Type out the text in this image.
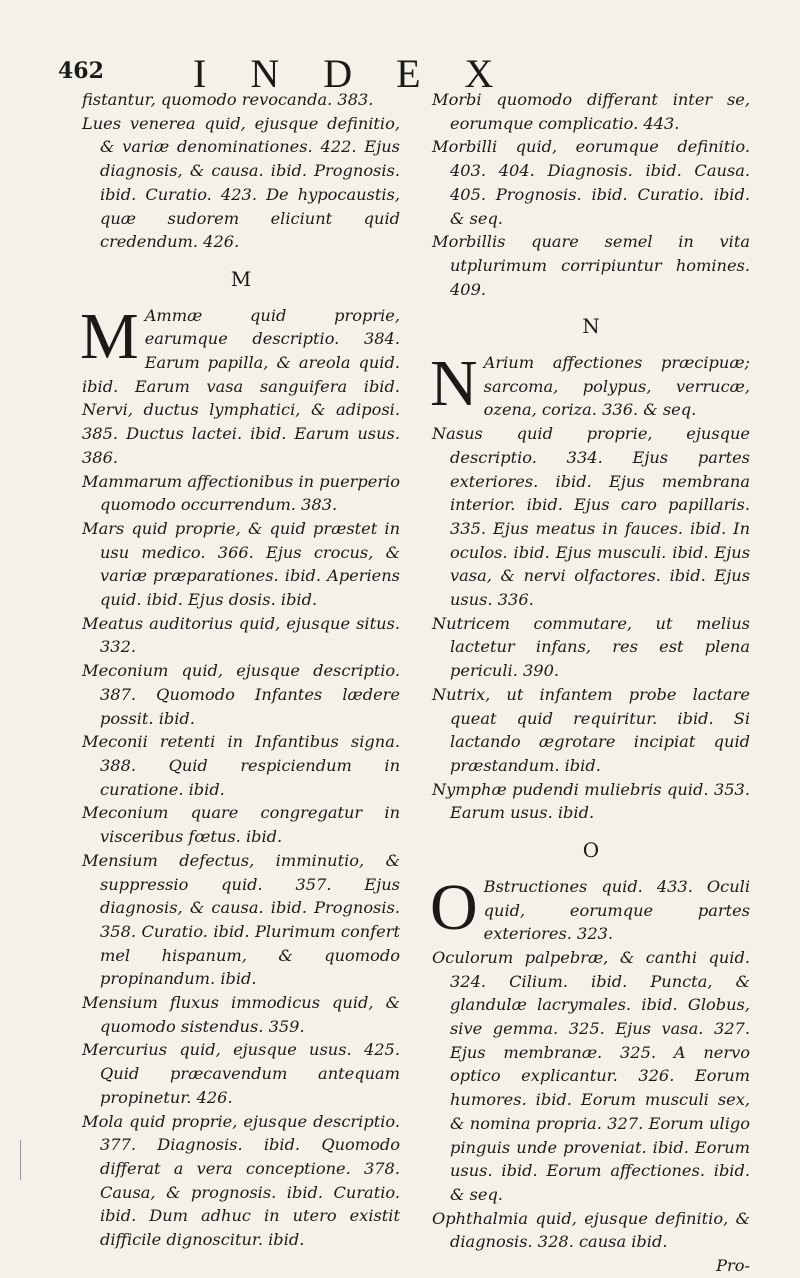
462 INDEX

fistantur, quomodo revocanda. 383.

Lues venerea quid, ejusque definitio, & variæ denominationes. 422. Ejus diagnosis, & causa. ibid. Prognosis. ibid. Curatio. 423. De hypocaustis, quæ sudorem eliciunt quid credendum. 426.

M
M Ammæ quid proprie, earumque descriptio. 384. Earum papilla, & areola quid. ibid. Earum vasa sanguifera ibid. Nervi, ductus lymphatici, & adiposi. 385. Ductus lactei. ibid. Earum usus. 386.

Mammarum affectionibus in puerperio quomodo occurrendum. 383.

Mars quid proprie, & quid præstet in usu medico. 366. Ejus crocus, & variæ præparationes. ibid. Aperiens quid. ibid. Ejus dosis. ibid.

Meatus auditorius quid, ejusque situs. 332.

Meconium quid, ejusque descriptio. 387. Quomodo Infantes lædere possit. ibid.

Meconii retenti in Infantibus signa. 388. Quid respiciendum in curatione. ibid.

Meconium quare congregatur in visceribus fœtus. ibid.

Mensium defectus, imminutio, & suppressio quid. 357. Ejus diagnosis, & causa. ibid. Prognosis. 358. Curatio. ibid. Plurimum confert mel hispanum, & quomodo propinandum. ibid.

Mensium fluxus immodicus quid, & quomodo sistendus. 359.

Mercurius quid, ejusque usus. 425. Quid præcavendum antequam propinetur. 426.

Mola quid proprie, ejusque descriptio. 377. Diagnosis. ibid. Quomodo differat a vera conceptione. 378. Causa, & prognosis. ibid. Curatio. ibid. Dum adhuc in utero existit difficile dignoscitur. ibid.

Morbi quomodo differant inter se, eorumque complicatio. 443.

Morbilli quid, eorumque definitio. 403. 404. Diagnosis. ibid. Causa. 405. Prognosis. ibid. Curatio. ibid. & seq.

Morbillis quare semel in vita utplurimum corripiuntur homines. 409.

N
N Arium affectiones præcipuæ; sarcoma, polypus, verrucæ, ozena, coriza. 336. & seq.

Nasus quid proprie, ejusque descriptio. 334. Ejus partes exteriores. ibid. Ejus membrana interior. ibid. Ejus caro papillaris. 335. Ejus meatus in fauces. ibid. In oculos. ibid. Ejus musculi. ibid. Ejus vasa, & nervi olfactores. ibid. Ejus usus. 336.

Nutricem commutare, ut melius lactetur infans, res est plena periculi. 390.

Nutrix, ut infantem probe lactare queat quid requiritur. ibid. Si lactando ægrotare incipiat quid præstandum. ibid.

Nymphæ pudendi muliebris quid. 353. Earum usus. ibid.

O
O Bstructiones quid. 433. Oculi quid, eorumque partes exteriores. 323.

Oculorum palpebræ, & canthi quid. 324. Cilium. ibid. Puncta, & glandulæ lacrymales. ibid. Globus, sive gemma. 325. Ejus vasa. 327. Ejus membranæ. 325. A nervo optico explicantur. 326. Eorum humores. ibid. Eorum musculi sex, & nomina propria. 327. Eorum uligo pinguis unde proveniat. ibid. Eorum usus. ibid. Eorum affectiones. ibid. & seq.

Ophthalmia quid, ejusque definitio, & diagnosis. 328. causa ibid.

Pro-
